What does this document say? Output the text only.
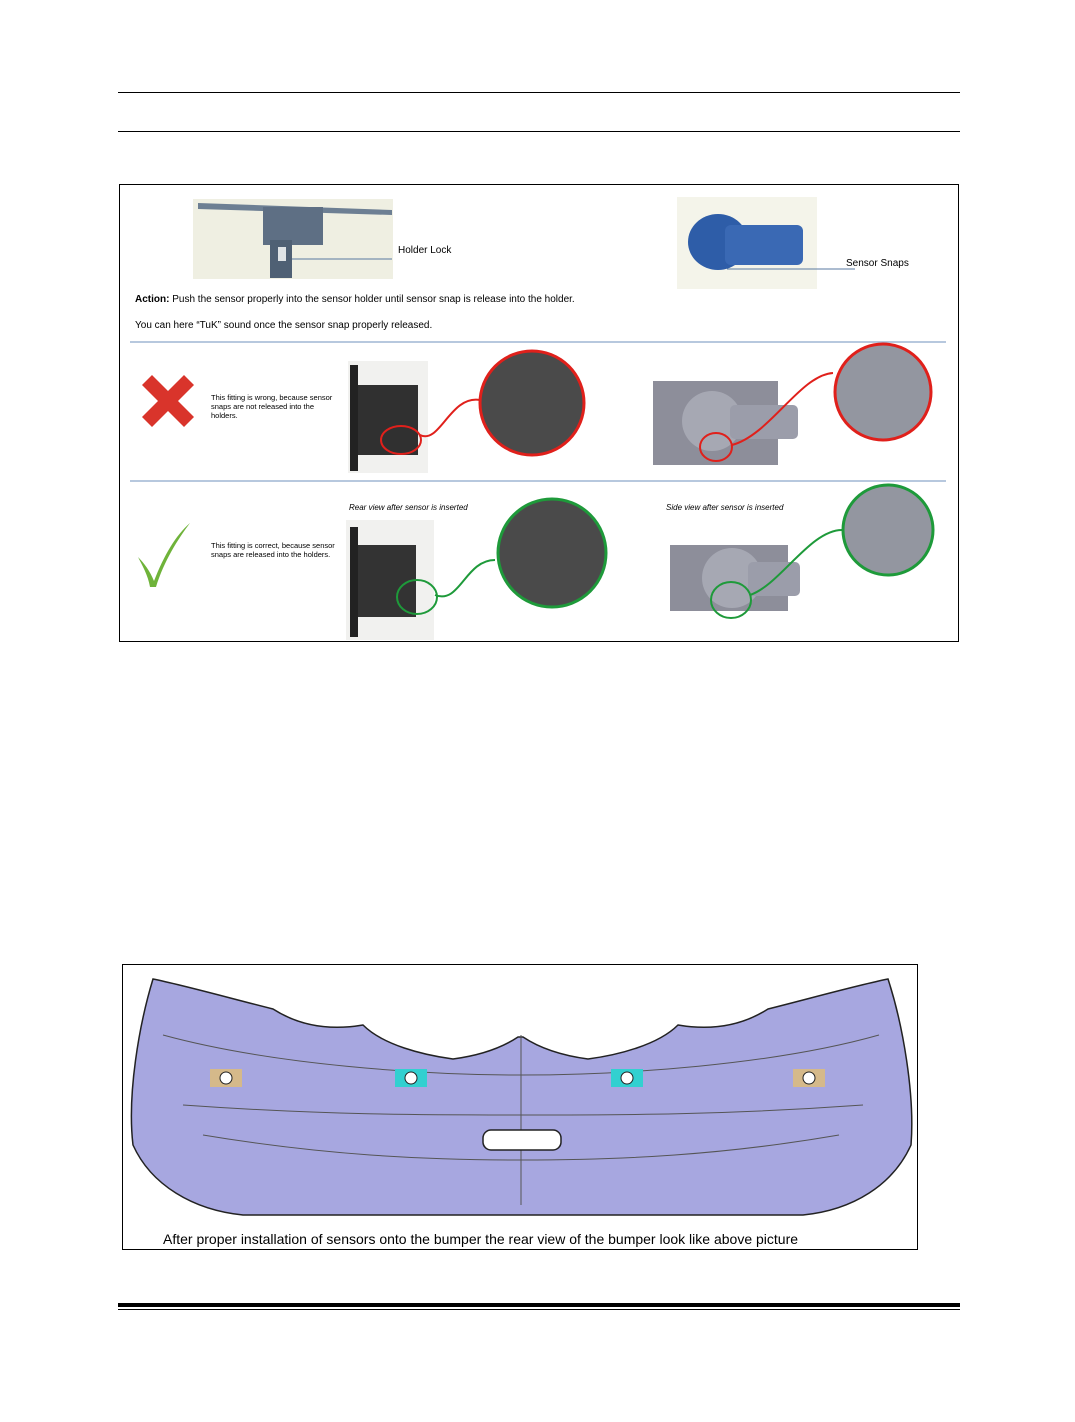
Holder Lock
Sensor Snaps
Action: Push the sensor properly into the sensor holder until sensor snap is release into the holder.
You can here “TuK” sound once the sensor snap properly released.
This fitting is wrong, because sensor snaps are not released into the holders.
This fitting is correct, because sensor snaps are released into the holders.
Rear view after sensor is inserted	Side view after sensor is inserted
After proper installation of sensors onto the bumper the rear view of the bumper look like above picture
